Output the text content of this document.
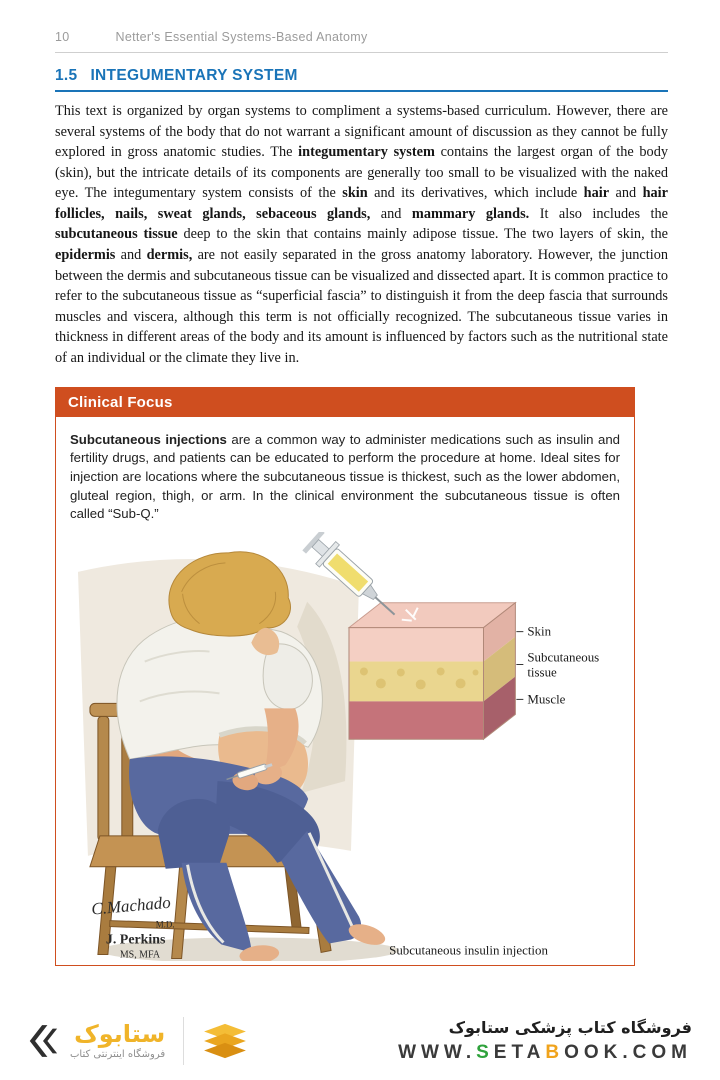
10	Netter's Essential Systems-Based Anatomy
1.5 INTEGUMENTARY SYSTEM

This text is organized by organ systems to compliment a systems-based curriculum. However, there are several systems of the body that do not warrant a significant amount of discussion as they cannot be fully explored in gross anatomic studies. The integumentary system contains the largest organ of the body (skin), but the intricate details of its components are generally too small to be visualized with the naked eye. The integumentary system consists of the skin and its derivatives, which include hair and hair follicles, nails, sweat glands, sebaceous glands, and mammary glands. It also includes the subcutaneous tissue deep to the skin that contains mainly adipose tissue. The two layers of skin, the epidermis and dermis, are not easily separated in the gross anatomy laboratory. However, the junction between the dermis and subcutaneous tissue can be visualized and dissected apart. It is common practice to refer to the subcutaneous tissue as “superficial fascia” to distinguish it from the deep fascia that surrounds muscles and viscera, although this term is not officially recognized. The subcutaneous tissue varies in thickness in different areas of the body and its amount is influenced by factors such as the nutritional state of an individual or the climate they live in.

Clinical Focus

Subcutaneous injections are a common way to administer medications such as insulin and fertility drugs, and patients can be educated to perform the procedure at home. Ideal sites for injection are locations where the subcutaneous tissue is thickest, such as the lower abdomen, gluteal region, thigh, or arm. In the clinical environment the subcutaneous tissue is often called “Sub-Q.”

Skin
Subcutaneous
tissue
Muscle
C.Machado
M.D.
J. Perkins
MS, MFA	Subcutaneous insulin injection
ستابوک
فروشگاه اینترنتی کتاب
فروشگاه کتاب پزشکی ستابوک
WWW.SETABOOK.COM
